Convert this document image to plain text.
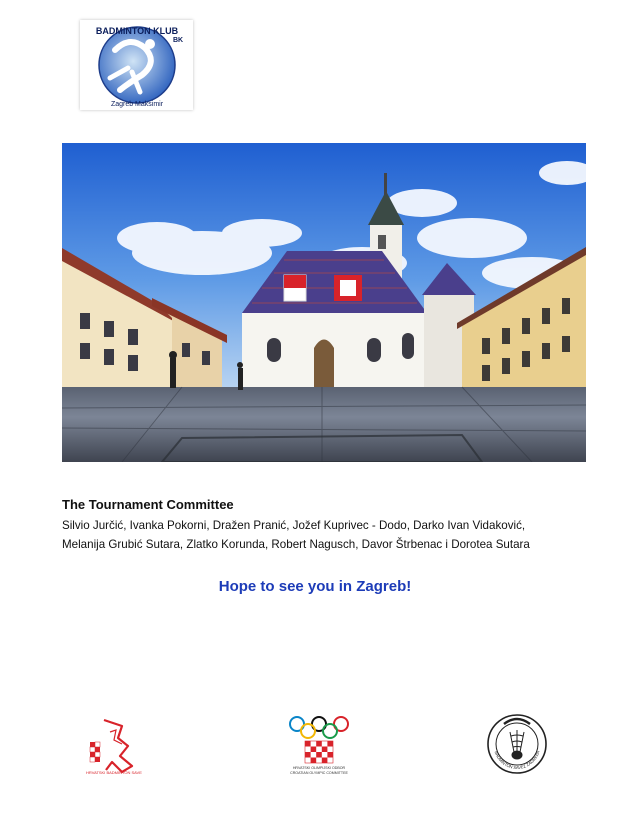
BADMINTON KLUB
Zagreb Maksimir
BK
The Tournament Committee

Silvio Jurčić, Ivanka Pokorni, Dražen Pranić, Jožef Kuprivec - Dodo, Darko Ivan Vidaković,

Melanija Grubić Sutara, Zlatko Korunda, Robert Nagusch, Davor Štrbenac i Dorotea Sutara

Hope to see you in Zagreb!
HRVATSKI BADMINTON SAVEZ
HRVATSKI OLIMPIJSKI ODBOR
CROATIAN OLYMPIC COMMITTEE
BADMINTON SAVEZ ZAGREBA
